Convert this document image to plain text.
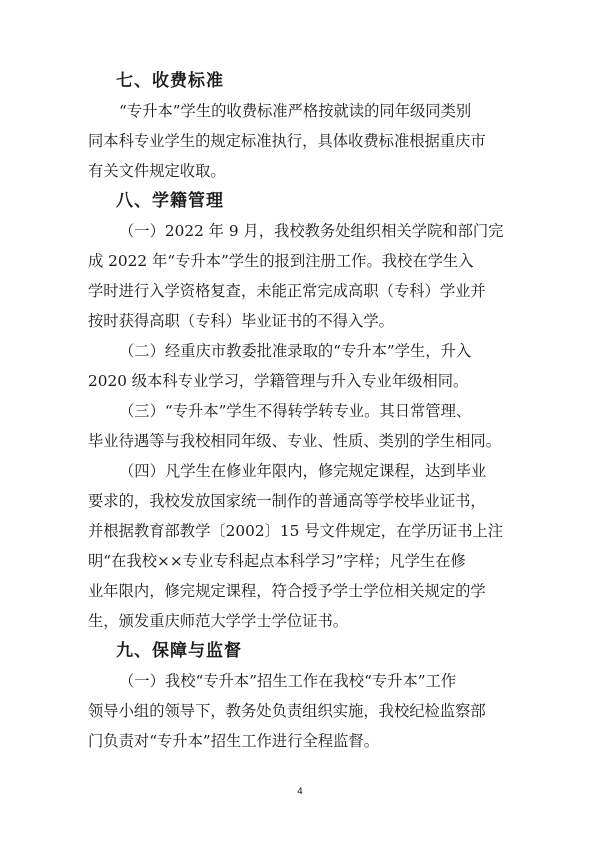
七、收费标准
“专升本”学生的收费标准严格按就读的同年级同类别
同本科专业学生的规定标准执行，具体收费标准根据重庆市
有关文件规定收取。
八、学籍管理
（一）2022 年 9 月，我校教务处组织相关学院和部门完
成 2022 年“专升本”学生的报到注册工作。我校在学生入
学时进行入学资格复查，未能正常完成高职（专科）学业并
按时获得高职（专科）毕业证书的不得入学。
（二）经重庆市教委批准录取的“专升本”学生，升入
2020 级本科专业学习，学籍管理与升入专业年级相同。
（三）“专升本”学生不得转学转专业。其日常管理、
毕业待遇等与我校相同年级、专业、性质、类别的学生相同。
（四）凡学生在修业年限内，修完规定课程，达到毕业
要求的，我校发放国家统一制作的普通高等学校毕业证书，
并根据教育部教学〔2002〕15 号文件规定，在学历证书上注
明“在我校××专业专科起点本科学习”字样；凡学生在修
业年限内，修完规定课程，符合授予学士学位相关规定的学
生，颁发重庆师范大学学士学位证书。
九、保障与监督
（一）我校“专升本”招生工作在我校“专升本”工作
领导小组的领导下，教务处负责组织实施，我校纪检监察部
门负责对“专升本”招生工作进行全程监督。
4
